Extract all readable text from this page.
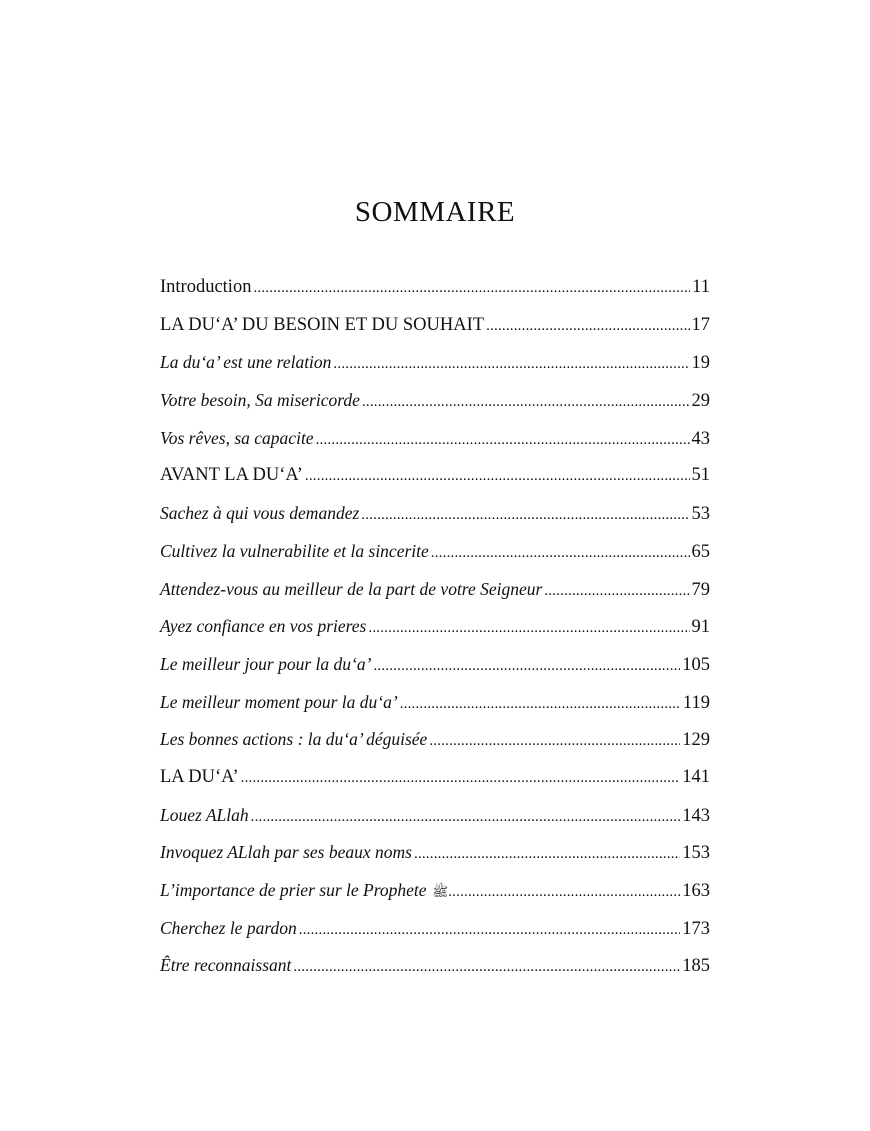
SOMMAIRE
Introduction .....	11
LA DU‘A’ DU BESOIN ET DU SOUHAIT .....	17
La du‘a’ est une relation .....	19
Votre besoin, Sa misericorde .....	29
Vos rêves, sa capacite .....	43
AVANT LA DU‘A’ .....	51
Sachez à qui vous demandez .....	53
Cultivez la vulnerabilite et la sincerite .....	65
Attendez-vous au meilleur de la part de votre Seigneur .....	79
Ayez confiance en vos prieres .....	91
Le meilleur jour pour la du‘a’ .....	105
Le meilleur moment pour la du‘a’ .....	119
Les bonnes actions : la du‘a’ déguisée .....	129
LA DU‘A’ .....	141
Louez ALlah .....	143
Invoquez ALlah par ses beaux noms .....	153
L’importance de prier sur le Prophete ﷺ .....	163
Cherchez le pardon .....	173
Être reconnaissant .....	185
